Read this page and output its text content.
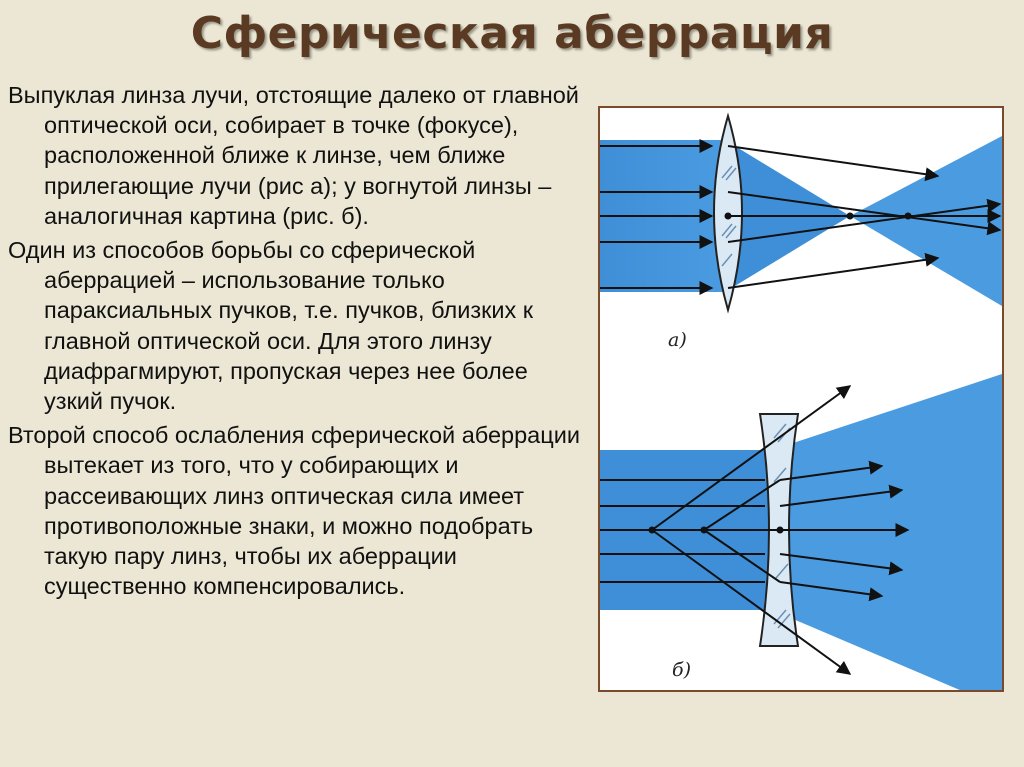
Сферическая аберрация
Выпуклая линза лучи, отстоящие далеко от главной оптической оси, собирает в точке (фокусе), расположенной ближе к линзе, чем ближе прилегающие лучи (рис а); у вогнутой линзы – аналогичная картина (рис. б).
Один из способов борьбы со сферической аберрацией – использование только параксиальных пучков, т.е. пучков, близких к главной оптической оси. Для этого линзу диафрагмируют, пропуская через нее более узкий пучок.
Второй способ ослабления сферической аберрации вытекает из того, что у собирающих и рассеивающих линз оптическая сила имеет противоположные знаки, и можно подобрать такую пару линз, чтобы их аберрации существенно компенсировались.
а)
б)
